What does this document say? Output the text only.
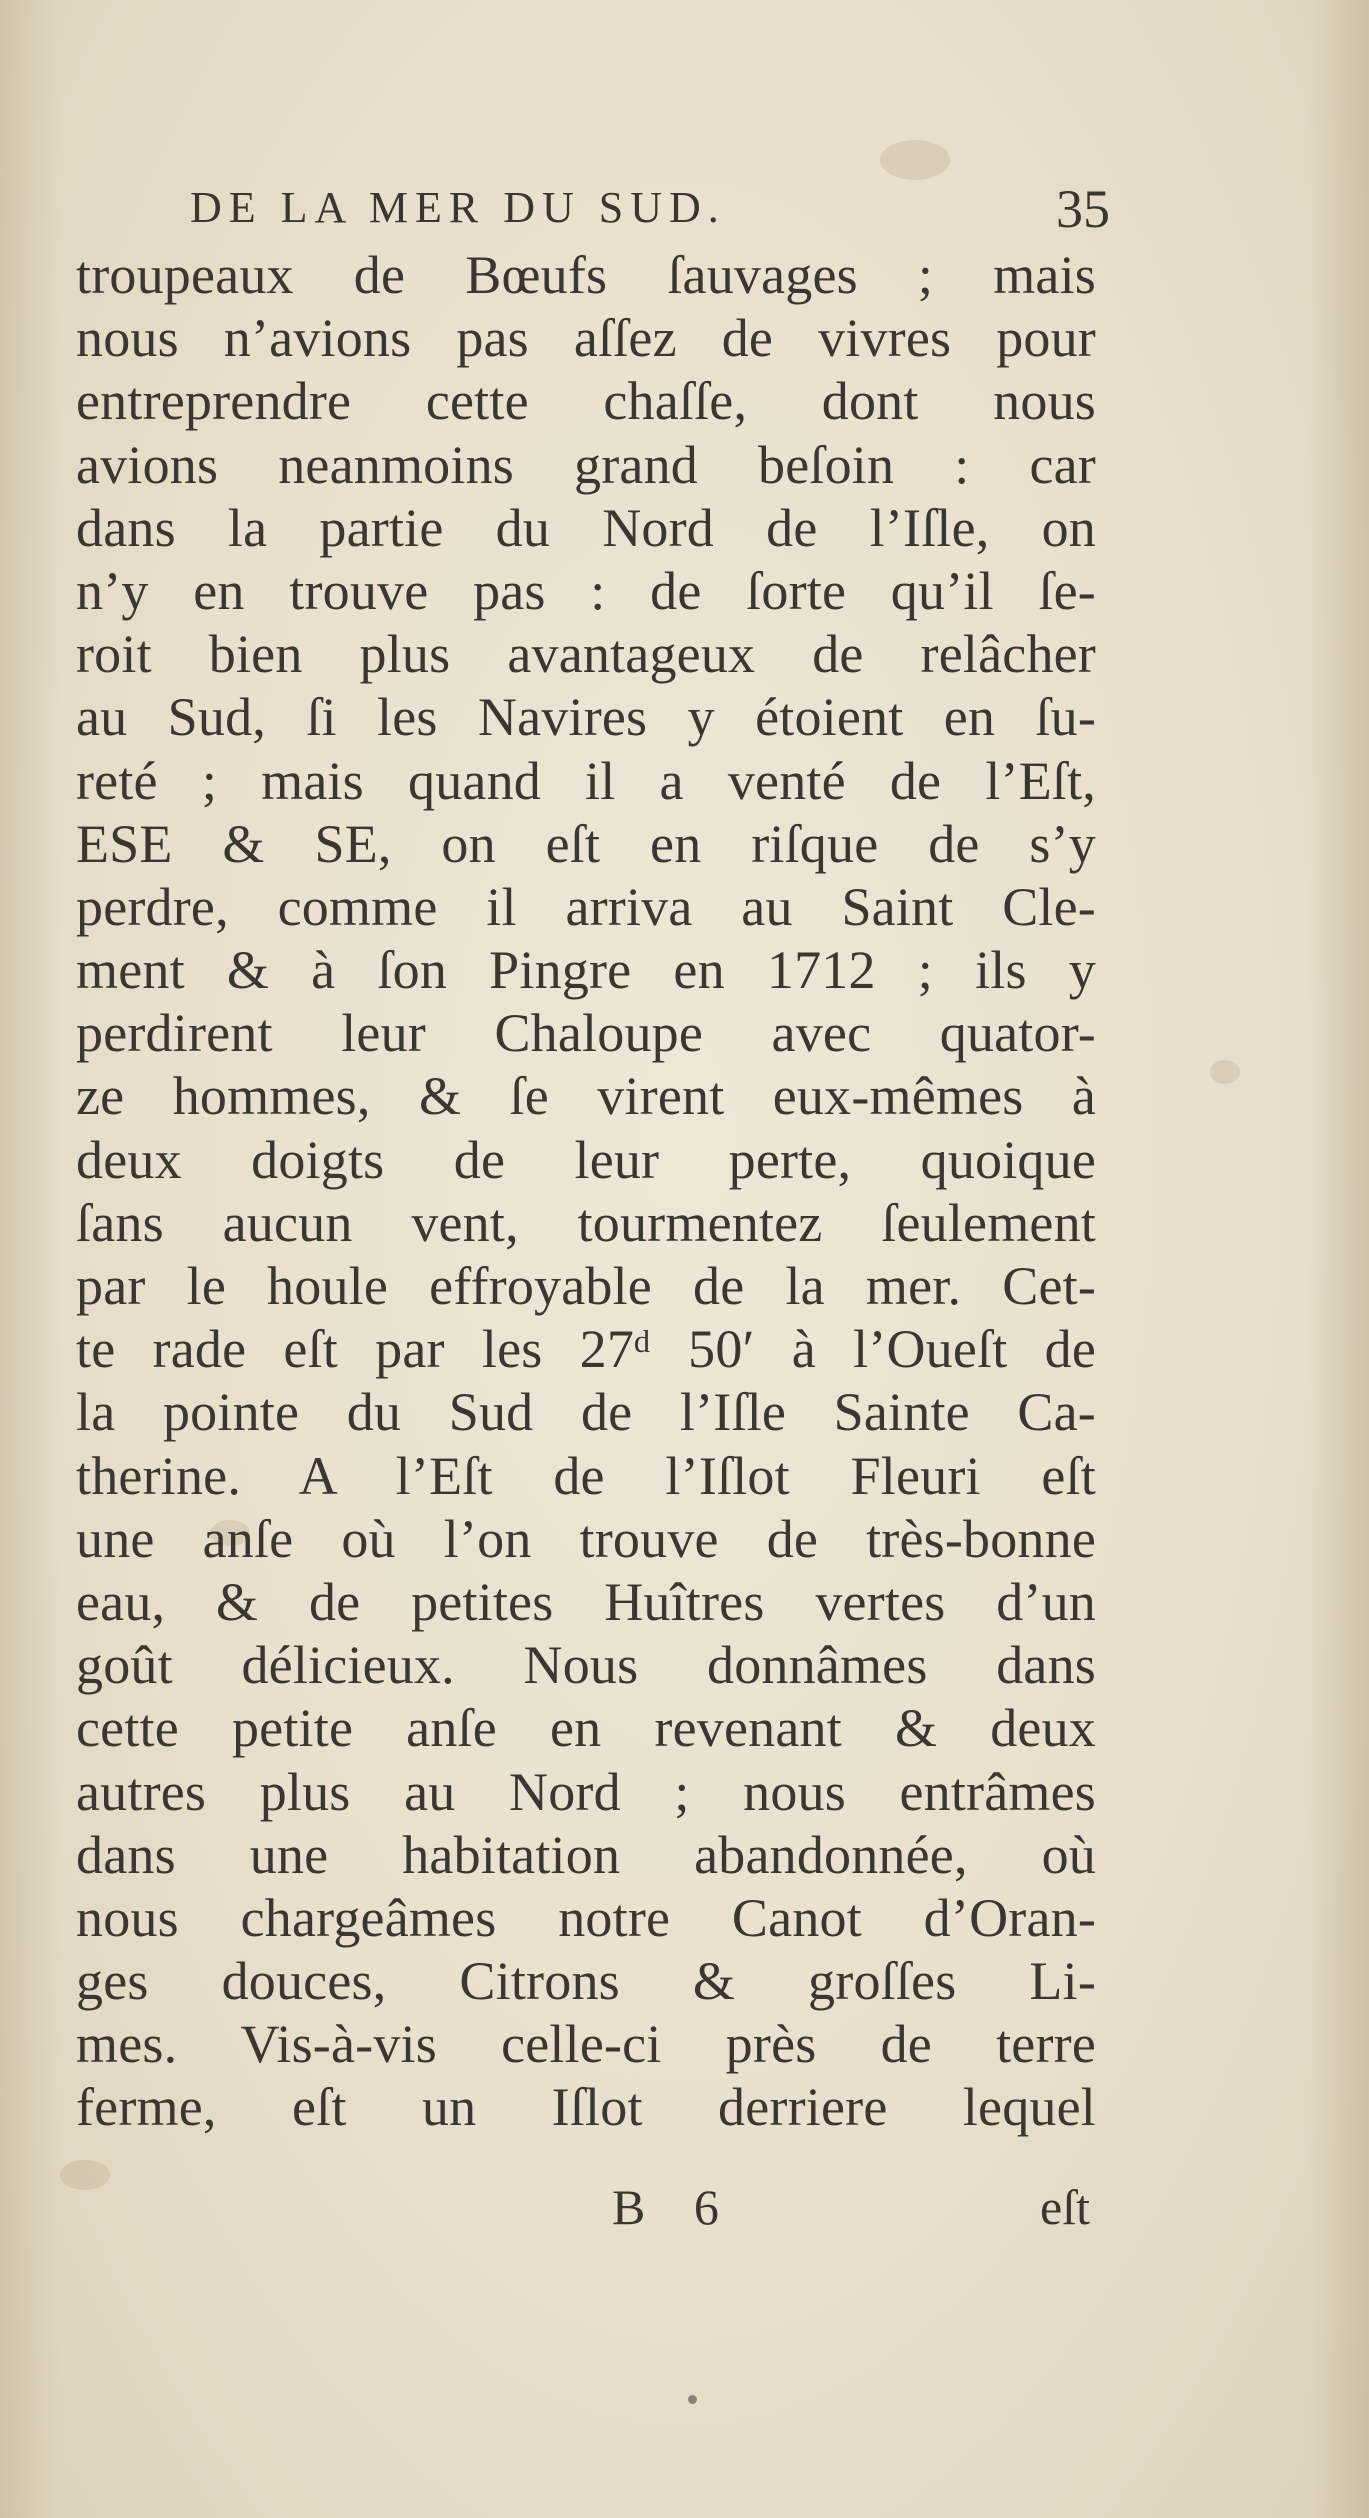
DE LA MER DU SUD.	35
troupeaux de Bœufs ſauvages ; mais
nous n’avions pas aſſez de vivres pour
entreprendre cette chaſſe, dont nous
avions neanmoins grand beſoin : car
dans la partie du Nord de l’Iſle, on
n’y en trouve pas : de ſorte qu’il ſe-
roit bien plus avantageux de relâcher
au Sud, ſi les Navires y étoient en ſu-
reté ; mais quand il a venté de l’Eſt,
ESE & SE, on eſt en riſque de s’y
perdre, comme il arriva au Saint Cle-
ment & à ſon Pingre en 1712 ; ils y
perdirent leur Chaloupe avec quator-
ze hommes, & ſe virent eux-mêmes à
deux doigts de leur perte, quoique
ſans aucun vent, tourmentez ſeulement
par le houle effroyable de la mer. Cet-
te rade eſt par les 27ᵈ 50′ à l’Oueſt de
la pointe du Sud de l’Iſle Sainte Ca-
therine. A l’Eſt de l’Iſlot Fleuri eſt
une anſe où l’on trouve de très-bonne
eau, & de petites Huîtres vertes d’un
goût délicieux. Nous donnâmes dans
cette petite anſe en revenant & deux
autres plus au Nord ; nous entrâmes
dans une habitation abandonnée, où
nous chargeâmes notre Canot d’Oran-
ges douces, Citrons & groſſes Li-
mes. Vis-à-vis celle-ci près de terre
ferme, eſt un Iſlot derriere lequel
B 6	eſt
